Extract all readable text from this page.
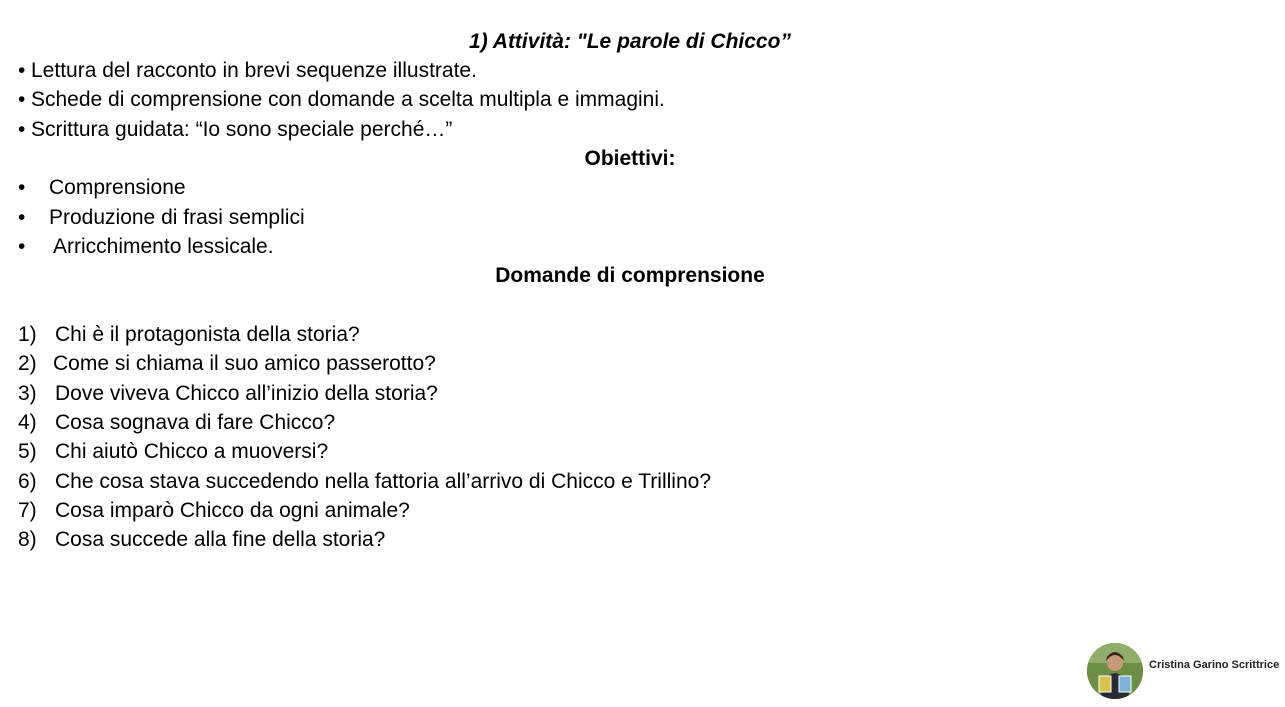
1) Attività: "Le parole di Chicco”
• Lettura del racconto in brevi sequenze illustrate.
• Schede di comprensione con domande a scelta multipla e immagini.
• Scrittura guidata: “Io sono speciale perché…”
Obiettivi:
• Comprensione
• Produzione di frasi semplici
• Arricchimento lessicale.
Domande di comprensione
1) Chi è il protagonista della storia?
2) Come si chiama il suo amico passerotto?
3) Dove viveva Chicco all’inizio della storia?
4) Cosa sognava di fare Chicco?
5) Chi aiutò Chicco a muoversi?
6) Che cosa stava succedendo nella fattoria all’arrivo di Chicco e Trillino?
7) Cosa imparò Chicco da ogni animale?
8) Cosa succede alla fine della storia?
Cristina Garino Scrittrice
